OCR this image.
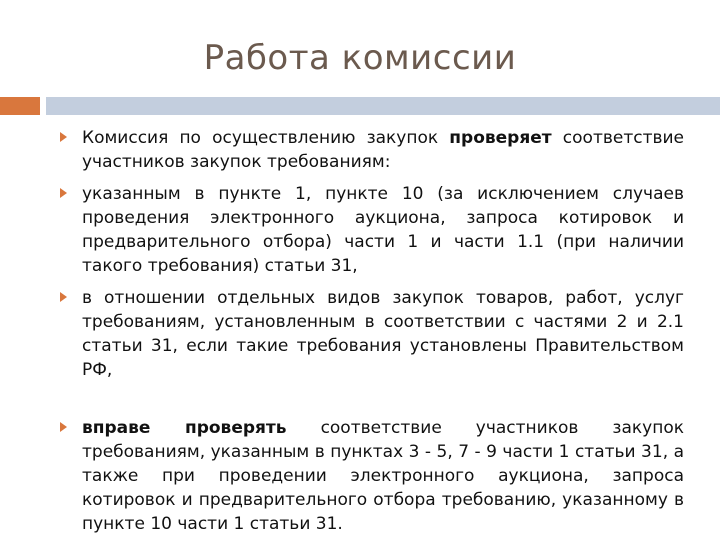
Работа комиссии
Комиссия по осуществлению закупок проверяет соответствие участников закупок требованиям:
указанным в пункте 1, пункте 10 (за исключением случаев проведения электронного аукциона, запроса котировок и предварительного отбора) части 1 и части 1.1 (при наличии такого требования) статьи 31,
в отношении отдельных видов закупок товаров, работ, услуг требованиям, установленным в соответствии с частями 2 и 2.1 статьи 31, если такие требования установлены Правительством РФ,
вправе проверять соответствие участников закупок требованиям, указанным в пунктах 3 - 5, 7 - 9 части 1 статьи 31, а также при проведении электронного аукциона, запроса котировок и предварительного отбора требованию, указанному в пункте 10 части 1 статьи 31.
